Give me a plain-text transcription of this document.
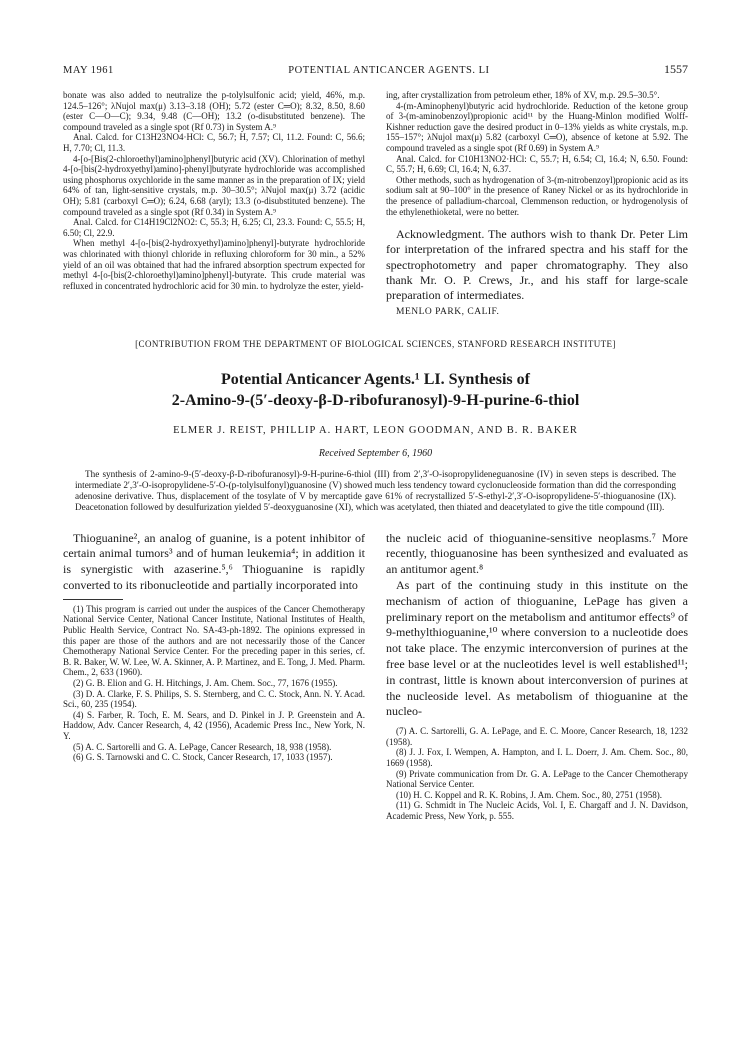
MAY 1961	POTENTIAL ANTICANCER AGENTS. LI	1557

bonate was also added to neutralize the p-tolylsulfonic acid; yield, 46%, m.p. 124.5–126°; λNujol max(μ) 3.13–3.18 (OH); 5.72 (ester C═O); 8.32, 8.50, 8.60 (ester C—O—C); 9.34, 9.48 (C—OH); 13.2 (o-disubstituted benzene). The compound traveled as a single spot (Rf 0.73) in System A.⁹

Anal. Calcd. for C13H23NO4·HCl: C, 56.7; H, 7.57; Cl, 11.2. Found: C, 56.6; H, 7.70; Cl, 11.3.

4-[o-[Bis(2-chloroethyl)amino]phenyl]butyric acid (XV). Chlorination of methyl 4-[o-[bis(2-hydroxyethyl)amino]-phenyl]butyrate hydrochloride was accomplished using phosphorus oxychloride in the same manner as in the preparation of IX; yield 64% of tan, light-sensitive crystals, m.p. 30–30.5°; λNujol max(μ) 3.72 (acidic OH); 5.81 (carboxyl C═O); 6.24, 6.68 (aryl); 13.3 (o-disubstituted benzene). The compound traveled as a single spot (Rf 0.34) in System A.⁹

Anal. Calcd. for C14H19Cl2NO2: C, 55.3; H, 6.25; Cl, 23.3. Found: C, 55.5; H, 6.50; Cl, 22.9.

When methyl 4-[o-[bis(2-hydroxyethyl)amino]phenyl]-butyrate hydrochloride was chlorinated with thionyl chloride in refluxing chloroform for 30 min., a 52% yield of an oil was obtained that had the infrared absorption spectrum expected for methyl 4-[o-[bis(2-chloroethyl)amino]phenyl]-butyrate. This crude material was refluxed in concentrated hydrochloric acid for 30 min. to hydrolyze the ester, yield-

ing, after crystallization from petroleum ether, 18% of XV, m.p. 29.5–30.5°.

4-(m-Aminophenyl)butyric acid hydrochloride. Reduction of the ketone group of 3-(m-aminobenzoyl)propionic acid¹¹ by the Huang-Minlon modified Wolff-Kishner reduction gave the desired product in 0–13% yields as white crystals, m.p. 155–157°; λNujol max(μ) 5.82 (carboxyl C═O), absence of ketone at 5.92. The compound traveled as a single spot (Rf 0.69) in System A.⁹

Anal. Calcd. for C10H13NO2·HCl: C, 55.7; H, 6.54; Cl, 16.4; N, 6.50. Found: C, 55.7; H, 6.69; Cl, 16.4; N, 6.37.

Other methods, such as hydrogenation of 3-(m-nitrobenzoyl)propionic acid as its sodium salt at 90–100° in the presence of Raney Nickel or as its hydrochloride in the presence of palladium-charcoal, Clemmenson reduction, or hydrogenolysis of the ethylenethioketal, were no better.

Acknowledgment. The authors wish to thank Dr. Peter Lim for interpretation of the infrared spectra and his staff for the spectrophotometry and paper chromatography. They also thank Mr. O. P. Crews, Jr., and his staff for large-scale preparation of intermediates.

MENLO PARK, CALIF.
[CONTRIBUTION FROM THE DEPARTMENT OF BIOLOGICAL SCIENCES, STANFORD RESEARCH INSTITUTE]
Potential Anticancer Agents.¹ LI. Synthesis of
2-Amino-9-(5′-deoxy-β-D-ribofuranosyl)-9-H-purine-6-thiol
ELMER J. REIST, PHILLIP A. HART, LEON GOODMAN, AND B. R. BAKER
Received September 6, 1960

The synthesis of 2-amino-9-(5′-deoxy-β-D-ribofuranosyl)-9-H-purine-6-thiol (III) from 2′,3′-O-isopropylideneguanosine (IV) in seven steps is described. The intermediate 2′,3′-O-isopropylidene-5′-O-(p-tolylsulfonyl)guanosine (V) showed much less tendency toward cyclonucleoside formation than did the corresponding adenosine derivative. Thus, displacement of the tosylate of V by mercaptide gave 61% of recrystallized 5′-S-ethyl-2′,3′-O-isopropylidene-5′-thioguanosine (IX). Deacetonation followed by desulfurization yielded 5′-deoxyguanosine (XI), which was acetylated, then thiated and deacetylated to give the title compound (III).

Thioguanine², an analog of guanine, is a potent inhibitor of certain animal tumors³ and of human leukemia⁴; in addition it is synergistic with azaserine.⁵,⁶ Thioguanine is rapidly converted to its ribonucleotide and partially incorporated into

(1) This program is carried out under the auspices of the Cancer Chemotherapy National Service Center, National Cancer Institute, National Institutes of Health, Public Health Service, Contract No. SA-43-ph-1892. The opinions expressed in this paper are those of the authors and are not necessarily those of the Cancer Chemotherapy National Service Center. For the preceding paper in this series, cf. B. R. Baker, W. W. Lee, W. A. Skinner, A. P. Martinez, and E. Tong, J. Med. Pharm. Chem., 2, 633 (1960).

(2) G. B. Elion and G. H. Hitchings, J. Am. Chem. Soc., 77, 1676 (1955).

(3) D. A. Clarke, F. S. Philips, S. S. Sternberg, and C. C. Stock, Ann. N. Y. Acad. Sci., 60, 235 (1954).

(4) S. Farber, R. Toch, E. M. Sears, and D. Pinkel in J. P. Greenstein and A. Haddow, Adv. Cancer Research, 4, 42 (1956), Academic Press Inc., New York, N. Y.

(5) A. C. Sartorelli and G. A. LePage, Cancer Research, 18, 938 (1958).

(6) G. S. Tarnowski and C. C. Stock, Cancer Research, 17, 1033 (1957).

the nucleic acid of thioguanine-sensitive neoplasms.⁷ More recently, thioguanosine has been synthesized and evaluated as an antitumor agent.⁸

As part of the continuing study in this institute on the mechanism of action of thioguanine, LePage has given a preliminary report on the metabolism and antitumor effects⁹ of 9-methylthioguanine,¹⁰ where conversion to a nucleotide does not take place. The enzymic interconversion of purines at the free base level or at the nucleotides level is well established¹¹; in contrast, little is known about interconversion of purines at the nucleoside level. As metabolism of thioguanine at the nucleo-

(7) A. C. Sartorelli, G. A. LePage, and E. C. Moore, Cancer Research, 18, 1232 (1958).

(8) J. J. Fox, I. Wempen, A. Hampton, and I. L. Doerr, J. Am. Chem. Soc., 80, 1669 (1958).

(9) Private communication from Dr. G. A. LePage to the Cancer Chemotherapy National Service Center.

(10) H. C. Koppel and R. K. Robins, J. Am. Chem. Soc., 80, 2751 (1958).

(11) G. Schmidt in The Nucleic Acids, Vol. I, E. Chargaff and J. N. Davidson, Academic Press, New York, p. 555.
